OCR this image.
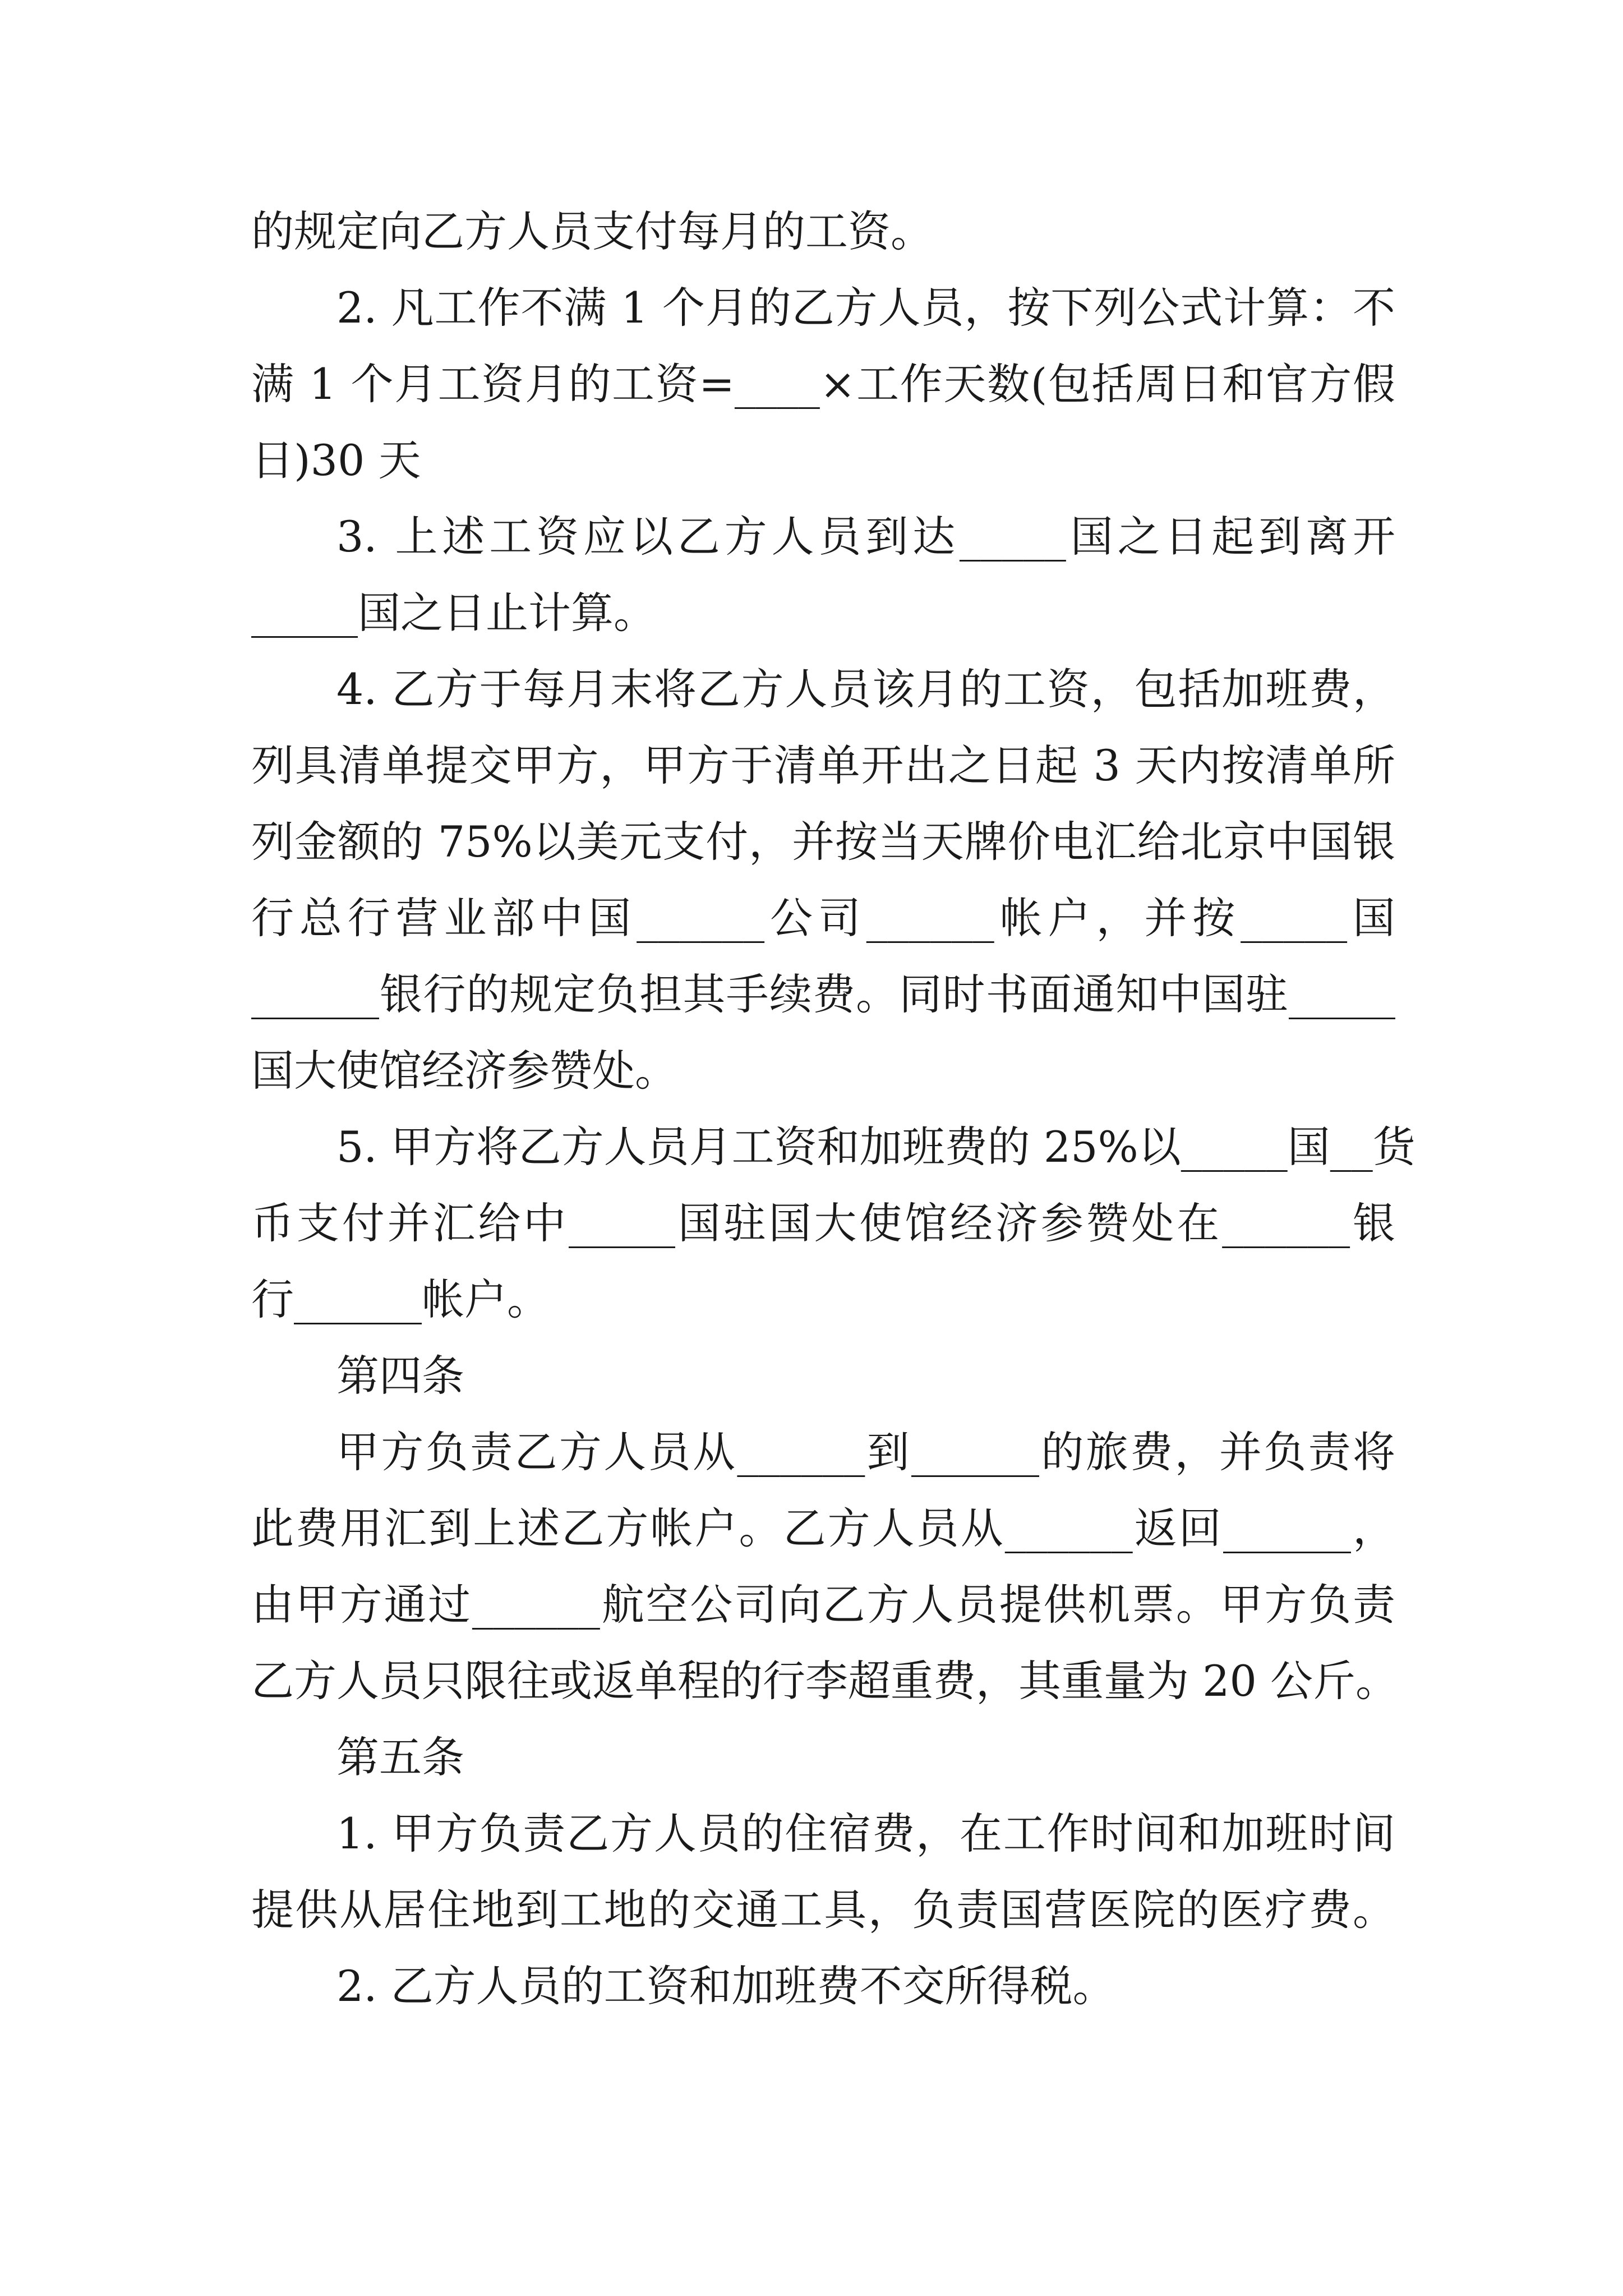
的规定向乙方人员支付每月的工资。
2. 凡工作不满 1 个月的乙方人员，按下列公式计算：不
满 1 个月工资月的工资=____×工作天数(包括周日和官方假
日)30 天
3. 上述工资应以乙方人员到达_____国之日起到离开
_____国之日止计算。
4. 乙方于每月末将乙方人员该月的工资，包括加班费，
列具清单提交甲方，甲方于清单开出之日起 3 天内按清单所
列金额的 75%以美元支付，并按当天牌价电汇给北京中国银
行总行营业部中国______公司______帐户，并按_____国
______银行的规定负担其手续费。同时书面通知中国驻_____
国大使馆经济参赞处。
5. 甲方将乙方人员月工资和加班费的 25%以_____国__货
币支付并汇给中_____国驻国大使馆经济参赞处在______银
行______帐户。
第四条
甲方负责乙方人员从______到______的旅费，并负责将
此费用汇到上述乙方帐户。乙方人员从______返回______，
由甲方通过______航空公司向乙方人员提供机票。甲方负责
乙方人员只限往或返单程的行李超重费，其重量为 20 公斤。
第五条
1. 甲方负责乙方人员的住宿费，在工作时间和加班时间
提供从居住地到工地的交通工具，负责国营医院的医疗费。
2. 乙方人员的工资和加班费不交所得税。
